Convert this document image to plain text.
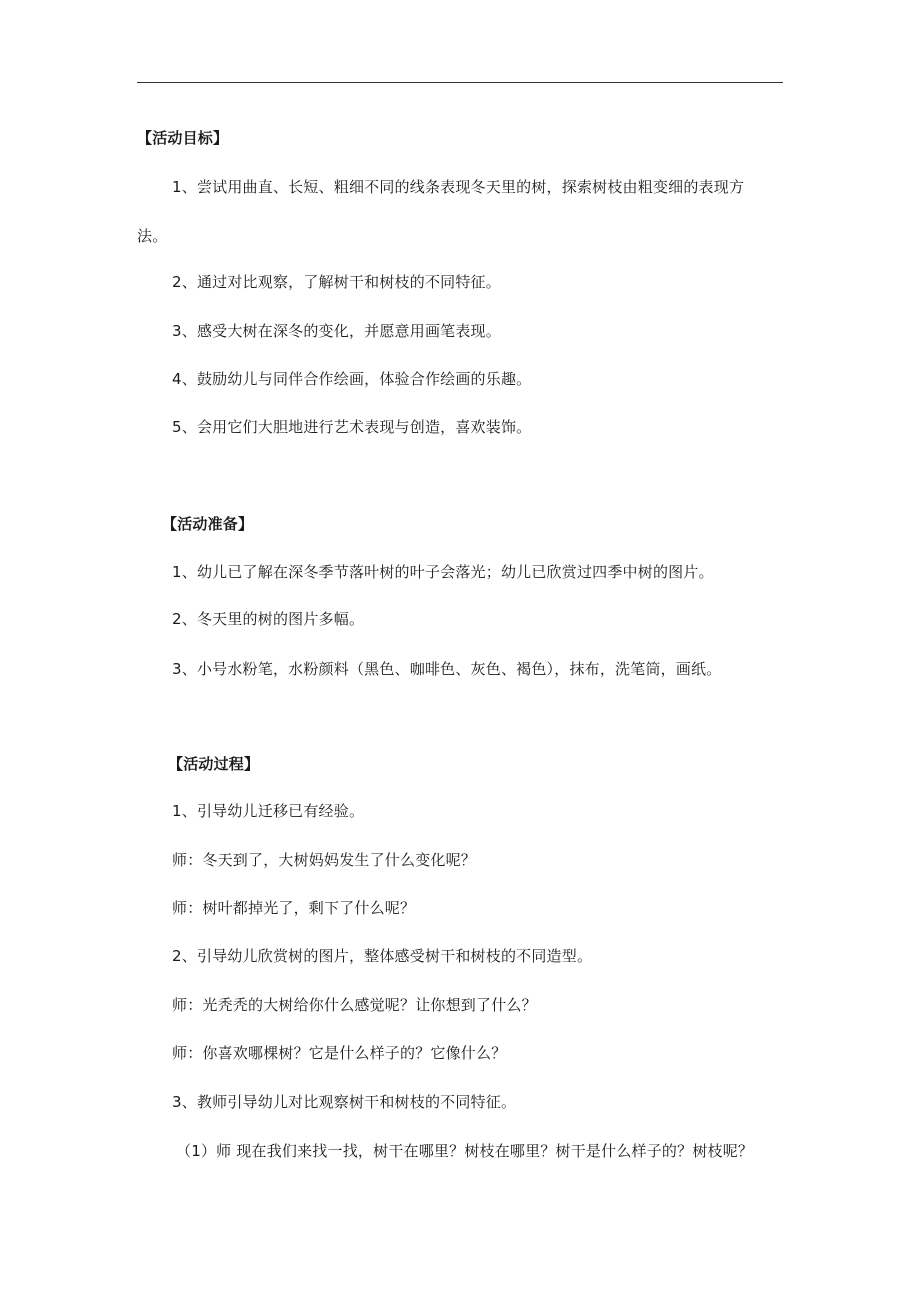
【活动目标】
1、尝试用曲直、长短、粗细不同的线条表现冬天里的树，探索树枝由粗变细的表现方
法。
2、通过对比观察，了解树干和树枝的不同特征。
3、感受大树在深冬的变化，并愿意用画笔表现。
4、鼓励幼儿与同伴合作绘画，体验合作绘画的乐趣。
5、会用它们大胆地进行艺术表现与创造，喜欢装饰。
【活动准备】
1、幼儿已了解在深冬季节落叶树的叶子会落光；幼儿已欣赏过四季中树的图片。
2、冬天里的树的图片多幅。
3、小号水粉笔，水粉颜料（黑色、咖啡色、灰色、褐色），抹布，洗笔筒，画纸。
【活动过程】
1、引导幼儿迁移已有经验。
师：冬天到了，大树妈妈发生了什么变化呢？
师：树叶都掉光了，剩下了什么呢？
2、引导幼儿欣赏树的图片，整体感受树干和树枝的不同造型。
师：光秃秃的大树给你什么感觉呢？让你想到了什么？
师：你喜欢哪棵树？它是什么样子的？它像什么？
3、教师引导幼儿对比观察树干和树枝的不同特征。
（1）师 现在我们来找一找，树干在哪里？树枝在哪里？树干是什么样子的？树枝呢？
